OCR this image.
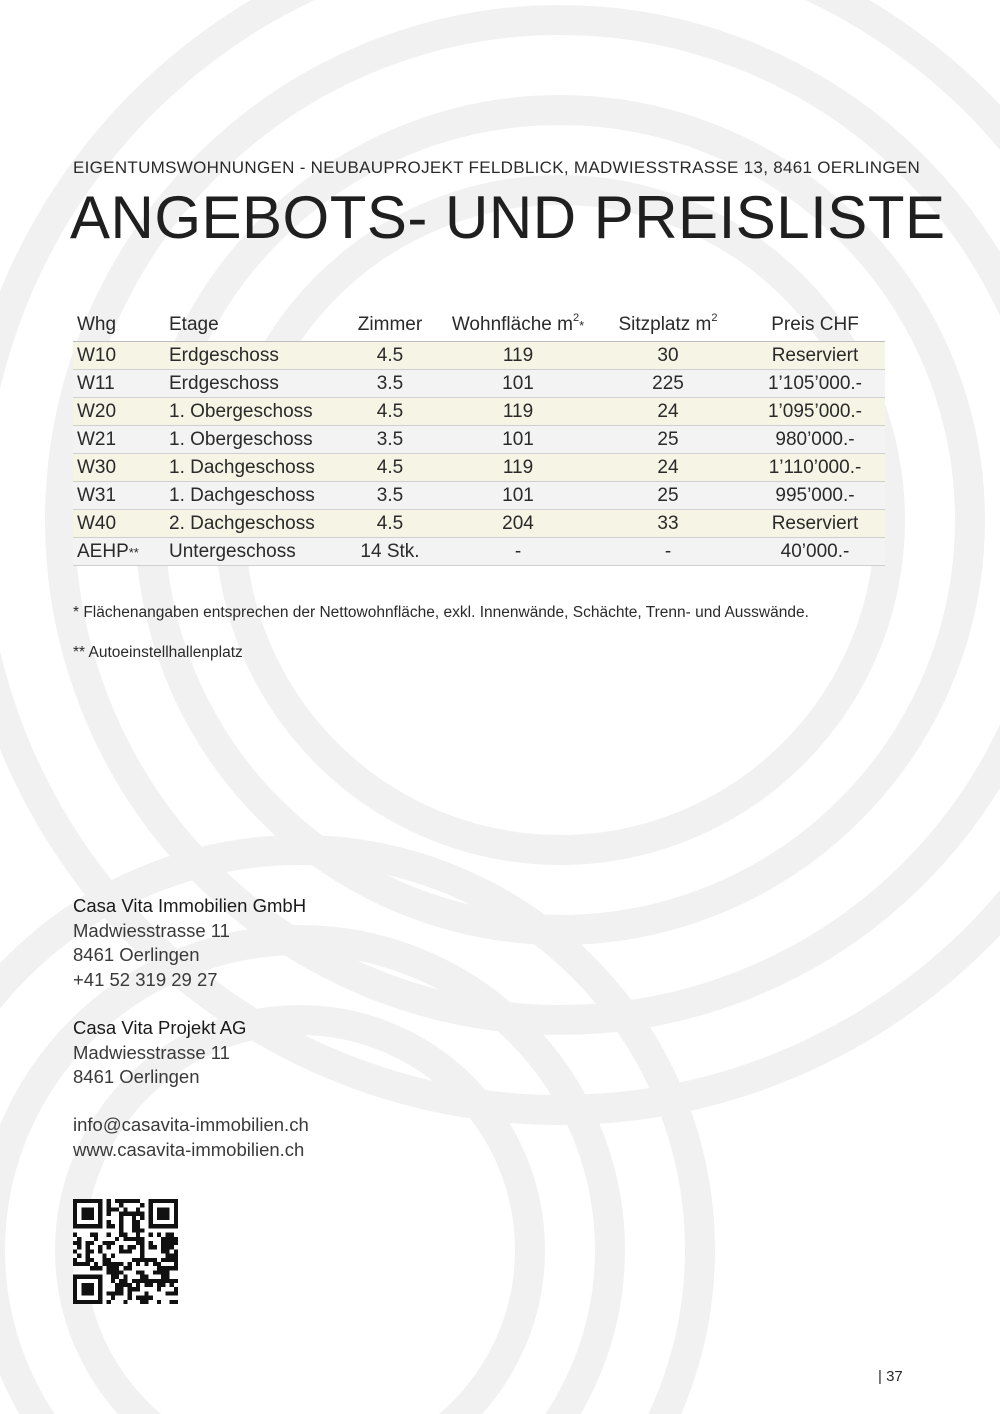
EIGENTUMSWOHNUNGEN - NEUBAUPROJEKT FELDBLICK, MADWIESSTRASSE 13, 8461 OERLINGEN
ANGEBOTS- UND PREISLISTE
Whg	Etage	Zimmer	Wohnfläche $m^2*$	Sitzplatz $m^2$	Preis CHF
W10	Erdgeschoss	4.5	119	30	Reserviert
W11	Erdgeschoss	3.5	101	225	1’105’000.-
W20	1. Obergeschoss	4.5	119	24	1’095’000.-
W21	1. Obergeschoss	3.5	101	25	980’000.-
W30	1. Dachgeschoss	4.5	119	24	1’110’000.-
W31	1. Dachgeschoss	3.5	101	25	995’000.-
W40	2. Dachgeschoss	4.5	204	33	Reserviert
AEHP**	Untergeschoss	14 Stk.	-	-	40’000.-
* Flächenangaben entsprechen der Nettowohnfläche, exkl. Innenwände, Schächte, Trenn- und Ausswände.
** Autoeinstellhallenplatz
Casa Vita Immobilien GmbH
Madwiesstrasse 11
8461 Oerlingen
+41 52 319 29 27
Casa Vita Projekt AG
Madwiesstrasse 11
8461 Oerlingen
info@casavita-immobilien.ch
www.casavita-immobilien.ch
| 37
